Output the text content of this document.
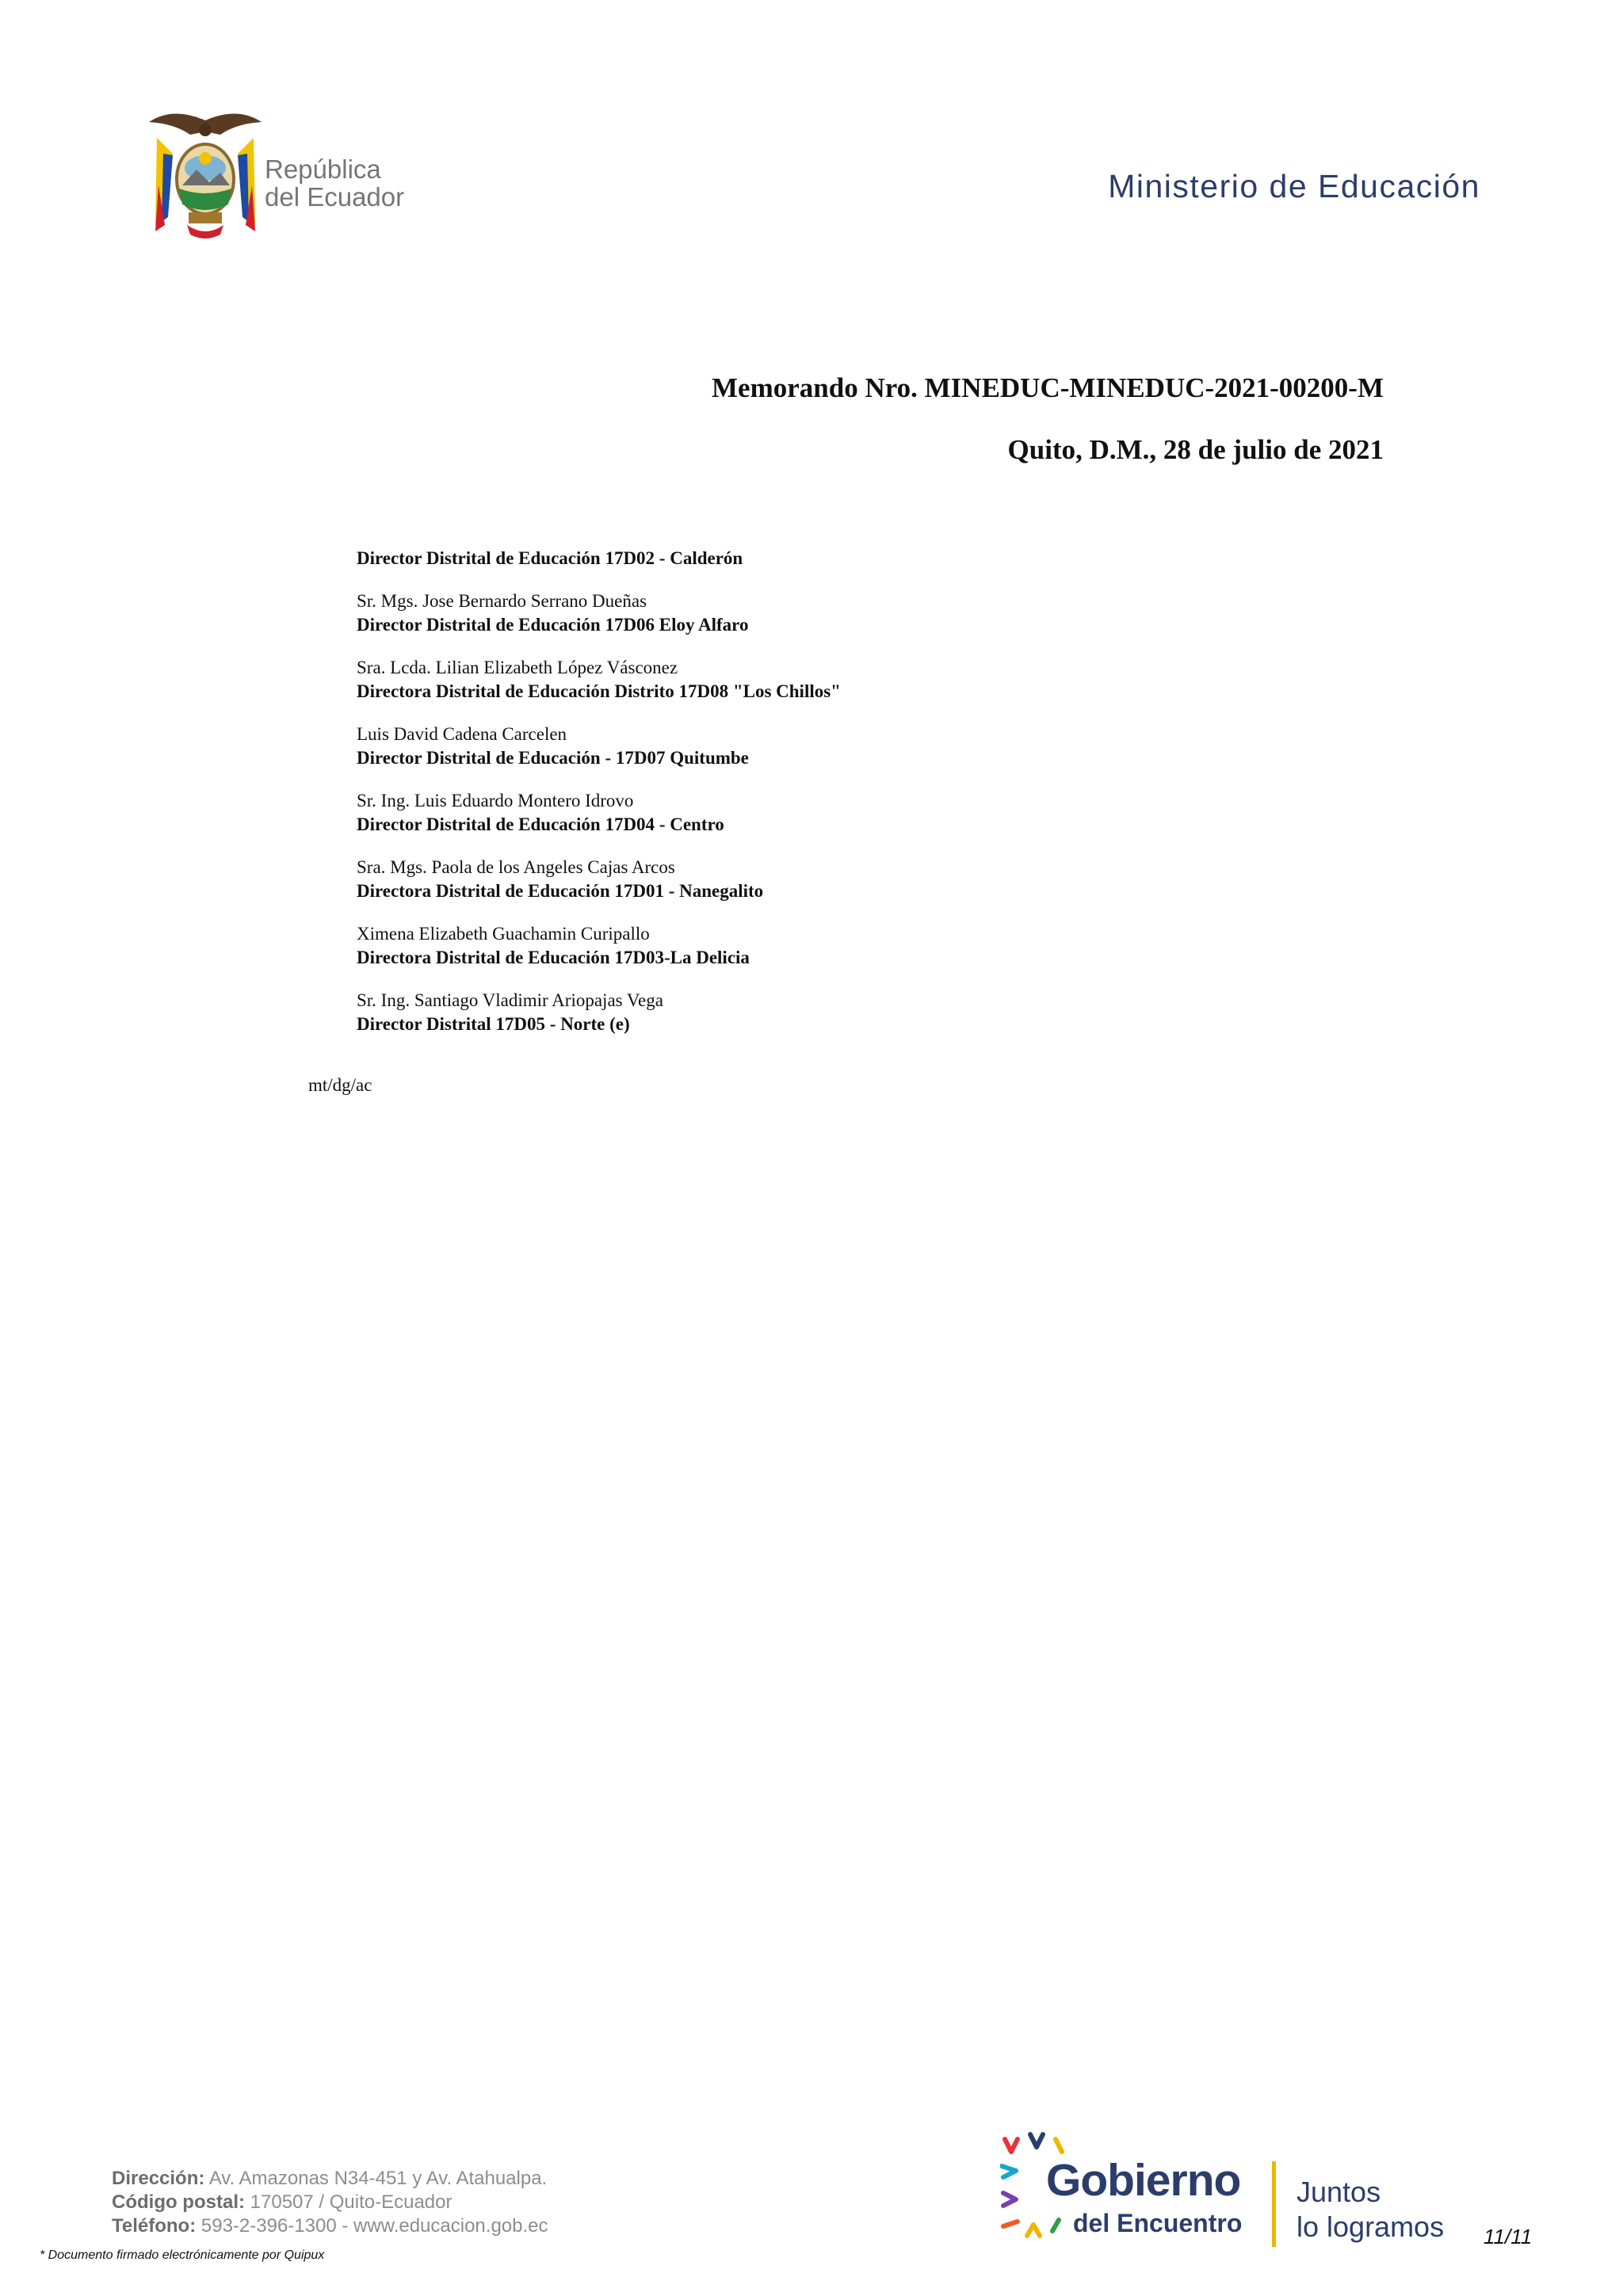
República
del Ecuador	Ministerio de Educación
Memorando Nro. MINEDUC-MINEDUC-2021-00200-M
Quito, D.M., 28 de julio de 2021
Director Distrital de Educación 17D02 - Calderón
Sr. Mgs. Jose Bernardo Serrano Dueñas
Director Distrital de Educación 17D06 Eloy Alfaro
Sra. Lcda. Lilian Elizabeth López Vásconez
Directora Distrital de Educación Distrito 17D08 "Los Chillos"
Luis David Cadena Carcelen
Director Distrital de Educación - 17D07 Quitumbe
Sr. Ing. Luis Eduardo Montero Idrovo
Director Distrital de Educación 17D04 - Centro
Sra. Mgs. Paola de los Angeles Cajas Arcos
Directora Distrital de Educación 17D01 - Nanegalito
Ximena Elizabeth Guachamin Curipallo
Directora Distrital de Educación 17D03-La Delicia
Sr. Ing. Santiago Vladimir Ariopajas Vega
Director Distrital 17D05 - Norte (e)
mt/dg/ac
Dirección: Av. Amazonas N34-451 y Av. Atahualpa.
Código postal: 170507 / Quito-Ecuador
Teléfono: 593-2-396-1300 - www.educacion.gob.ec
* Documento firmado electrónicamente por Quipux
Gobierno
del Encuentro
Juntos
lo logramos 11/11
